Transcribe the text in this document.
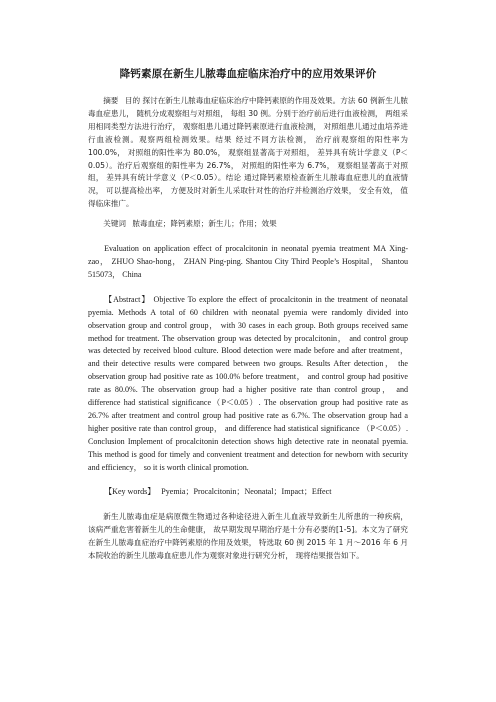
降钙素原在新生儿脓毒血症临床治疗中的应用效果评价

摘要 目的 探讨在新生儿脓毒血症临床治疗中降钙素原的作用及效果。方法 60 例新生儿脓毒血症患儿， 随机分成观察组与对照组， 每组 30 例。分别于治疗前后进行血液检测， 两组采用相同类型方法进行治疗， 观察组患儿通过降钙素原进行血液检测， 对照组患儿通过血培养进行血液检测。观察两组检测效果。结果 经过不同方法检测， 治疗前观察组的阳性率为 100.0%， 对照组的阳性率为 80.0%， 观察组显著高于对照组， 差异具有统计学意义（P＜0.05）。治疗后观察组的阳性率为 26.7%， 对照组的阳性率为 6.7%， 观察组显著高于对照组， 差异具有统计学意义（P＜0.05）。结论 通过降钙素原检查新生儿脓毒血症患儿的血液情况， 可以提高检出率， 方便及时对新生儿采取针对性的治疗并检测治疗效果， 安全有效， 值得临床推广。

关键词 脓毒血症 ； 降钙素原 ； 新生儿 ； 作用 ； 效果

Evaluation on application effect of procalcitonin in neonatal pyemia treatment MA Xing-zao， ZHUO Shao-hong， ZHAN Ping-ping. Shantou City Third People’s Hospital， Shantou 515073， China

【Abstract】 Objective To explore the effect of procalcitonin in the treatment of neonatal pyemia. Methods A total of 60 children with neonatal pyemia were randomly divided into observation group and control group， with 30 cases in each group. Both groups received same method for treatment. The observation group was detected by procalcitonin， and control group was detected by received blood culture. Blood detection were made before and after treatment， and their detective results were compared between two groups. Results After detection， the observation group had positive rate as 100.0% before treatment， and control group had positive rate as 80.0%. The observation group had a higher positive rate than control group， and difference had statistical significance（P＜0.05）. The observation group had positive rate as 26.7% after treatment and control group had positive rate as 6.7%. The observation group had a higher positive rate than control group， and difference had statistical significance （P＜0.05）. Conclusion Implement of procalcitonin detection shows high detective rate in neonatal pyemia. This method is good for timely and convenient treatment and detection for newborn with security and efficiency， so it is worth clinical promotion.

【Key words】 Pyemia ； Procalcitonin ； Neonatal ； Impact ； Effect

新生儿脓毒血症是病原微生物通过各种途径进入新生儿血液导致新生儿所患的一种疾病， 该病严重危害着新生儿的生命健康， 故早期发现早期治疗是十分有必要的[1-5]。本文为了研究在新生儿脓毒血症治疗中降钙素原的作用及效果， 特选取 60 例 2015 年 1 月～2016 年 6 月本院收治的新生儿脓毒血症患儿作为观察对象进行研究分析， 现将结果报告如下。
